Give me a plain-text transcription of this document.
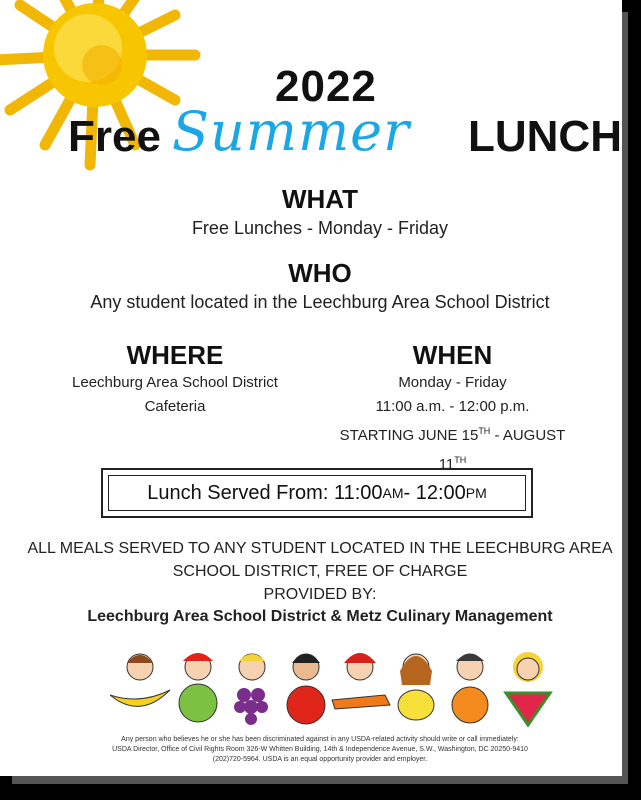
2022
Free Summer LUNCH
WHAT
Free Lunches - Monday - Friday
WHO
Any student located in the Leechburg Area School District
WHERE
Leechburg Area School District
Cafeteria
WHEN
Monday - Friday
11:00 a.m. - 12:00 p.m.
STARTING JUNE 15TH - AUGUST 11TH
Lunch Served From: 11:00 AM - 12:00 PM
ALL MEALS SERVED TO ANY STUDENT LOCATED IN THE LEECHBURG AREA
SCHOOL DISTRICT, FREE OF CHARGE
PROVIDED BY:
Leechburg Area School District & Metz Culinary Management
Any person who believes he or she has been discriminated against in any USDA-related activity should write or call immediately:
USDA Director, Office of Civil Rights Room 326-W Whitten Building, 14th & Independence Avenue, S.W., Washington, DC 20250-9410
(202)720-5964. USDA is an equal opportunity provider and employer.
